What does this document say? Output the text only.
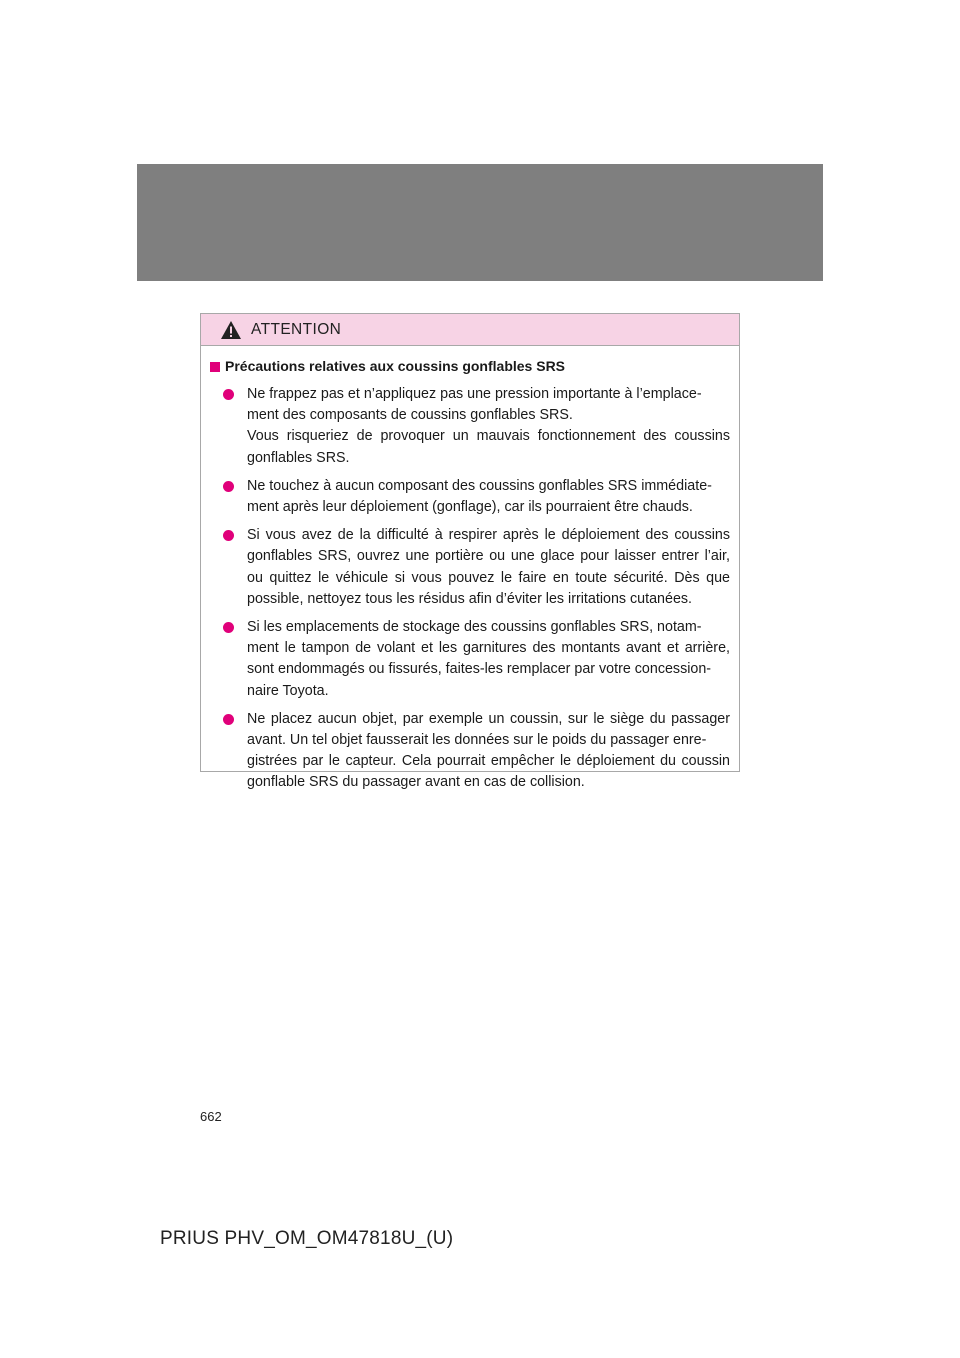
ATTENTION
Précautions relatives aux coussins gonflables SRS

Ne frappez pas et n’appliquez pas une pression importante à l’emplace-
ment des composants de coussins gonflables SRS.

Vous risqueriez de provoquer un mauvais fonctionnement des coussins gonflables SRS.

Ne touchez à aucun composant des coussins gonflables SRS immédiate-
ment après leur déploiement (gonflage), car ils pourraient être chauds.

Si vous avez de la difficulté à respirer après le déploiement des coussins gonflables SRS, ouvrez une portière ou une glace pour laisser entrer l’air, ou quittez le véhicule si vous pouvez le faire en toute sécurité. Dès que possible, nettoyez tous les résidus afin d’éviter les irritations cutanées.

Si les emplacements de stockage des coussins gonflables SRS, notam-
ment le tampon de volant et les garnitures des montants avant et arrière, sont endommagés ou fissurés, faites-les remplacer par votre concession-
naire Toyota.

Ne placez aucun objet, par exemple un coussin, sur le siège du passager avant. Un tel objet fausserait les données sur le poids du passager enre-
gistrées par le capteur. Cela pourrait empêcher le déploiement du coussin gonflable SRS du passager avant en cas de collision.

662
PRIUS PHV_OM_OM47818U_(U)
